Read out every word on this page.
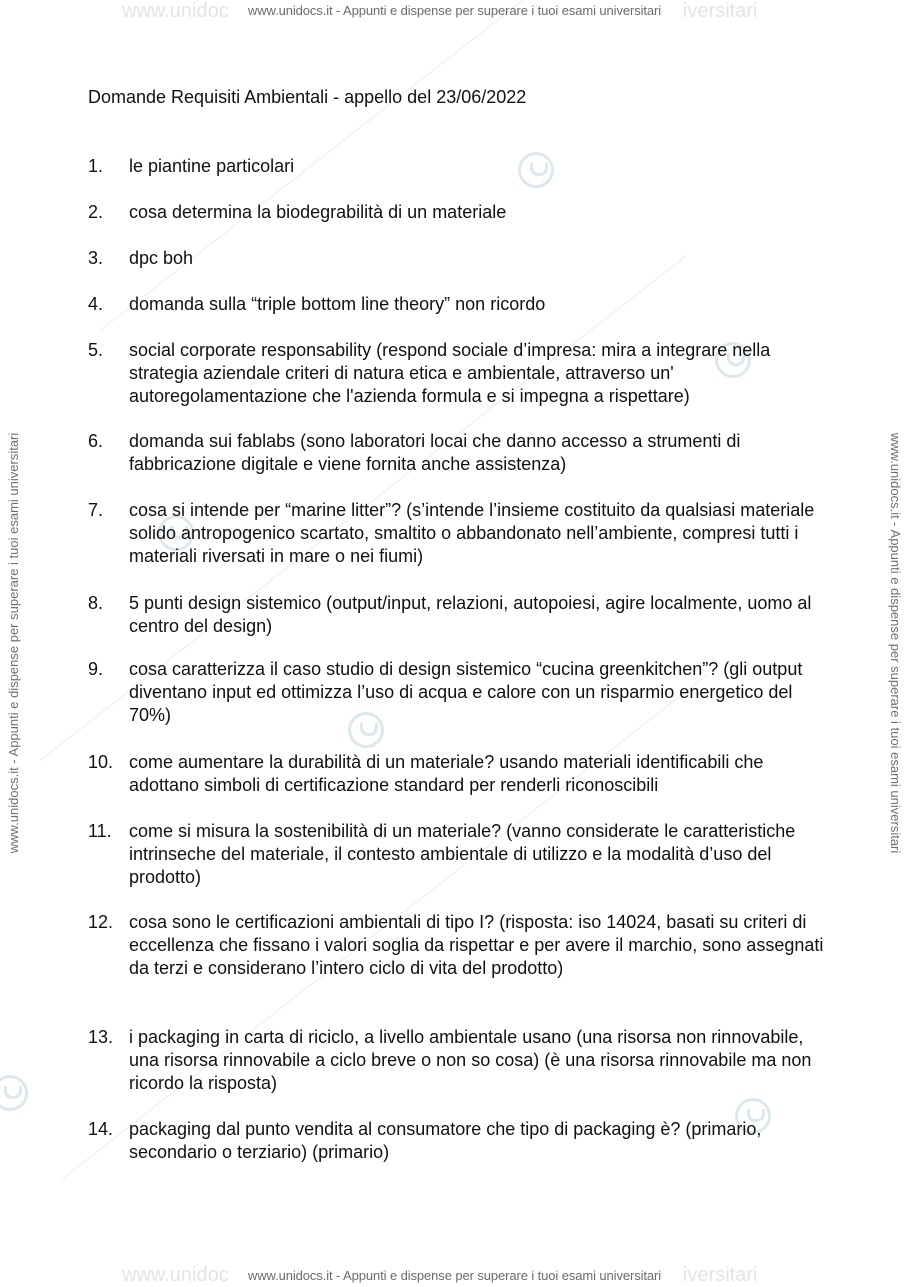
www.unidoc	iversitari
www.unidocs.it - Appunti e dispense per superare i tuoi esami universitari
www.unidoc	iversitari
www.unidocs.it - Appunti e dispense per superare i tuoi esami universitari
www.unidocs.it - Appunti e dispense per superare i tuoi esami universitari	www.unidocs.it - Appunti e dispense per superare i tuoi esami universitari
Domande Requisiti Ambientali - appello del 23/06/2022
1.	le piantine particolari
2.	cosa determina la biodegrabilità di un materiale
3.	dpc boh
4.	domanda sulla “triple bottom line theory” non ricordo
5.	social corporate responsability (respond sociale d’impresa: mira a integrare nella strategia aziendale criteri di natura etica e ambientale, attraverso un' autoregolamentazione che l'azienda formula e si impegna a rispettare)
6.	domanda sui fablabs (sono laboratori locai che danno accesso a strumenti di fabbricazione digitale e viene fornita anche assistenza)
7.	cosa si intende per “marine litter”? (s’intende l’insieme costituito da qualsiasi materiale solido antropogenico scartato, smaltito o abbandonato nell’ambiente, compresi tutti i materiali riversati in mare o nei fiumi)
8.	5 punti design sistemico (output/input, relazioni, autopoiesi, agire localmente, uomo al centro del design)
9.	cosa caratterizza il caso studio di design sistemico “cucina greenkitchen”? (gli output diventano input ed ottimizza l’uso di acqua e calore con un risparmio energetico del 70%)
10. come aumentare la durabilità di un materiale? usando materiali identificabili che adottano simboli di certificazione standard per renderli riconoscibili
11. come si misura la sostenibilità di un materiale? (vanno considerate le caratteristiche intrinseche del materiale, il contesto ambientale di utilizzo e la modalità d’uso del prodotto)
12. cosa sono le certificazioni ambientali di tipo I? (risposta: iso 14024, basati su criteri di eccellenza che fissano i valori soglia da rispettar e per avere il marchio, sono assegnati da terzi e considerano l’intero ciclo di vita del prodotto)
13. i packaging in carta di riciclo, a livello ambientale usano (una risorsa non rinnovabile, una risorsa rinnovabile a ciclo breve o non so cosa) (è una risorsa rinnovabile ma non ricordo la risposta)
14. packaging dal punto vendita al consumatore che tipo di packaging è? (primario, secondario o terziario) (primario)
